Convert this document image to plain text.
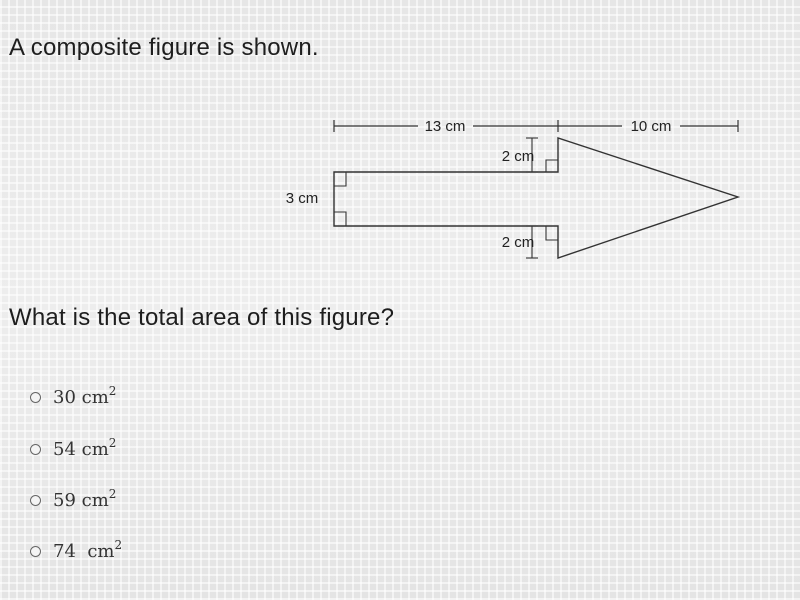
A composite figure is shown.
13 cm	10 cm
3 cm
2 cm
2 cm
What is the total area of this figure?
30 $cm^2$
54 $cm^2$
59 $cm^2$
74  $cm^2$
